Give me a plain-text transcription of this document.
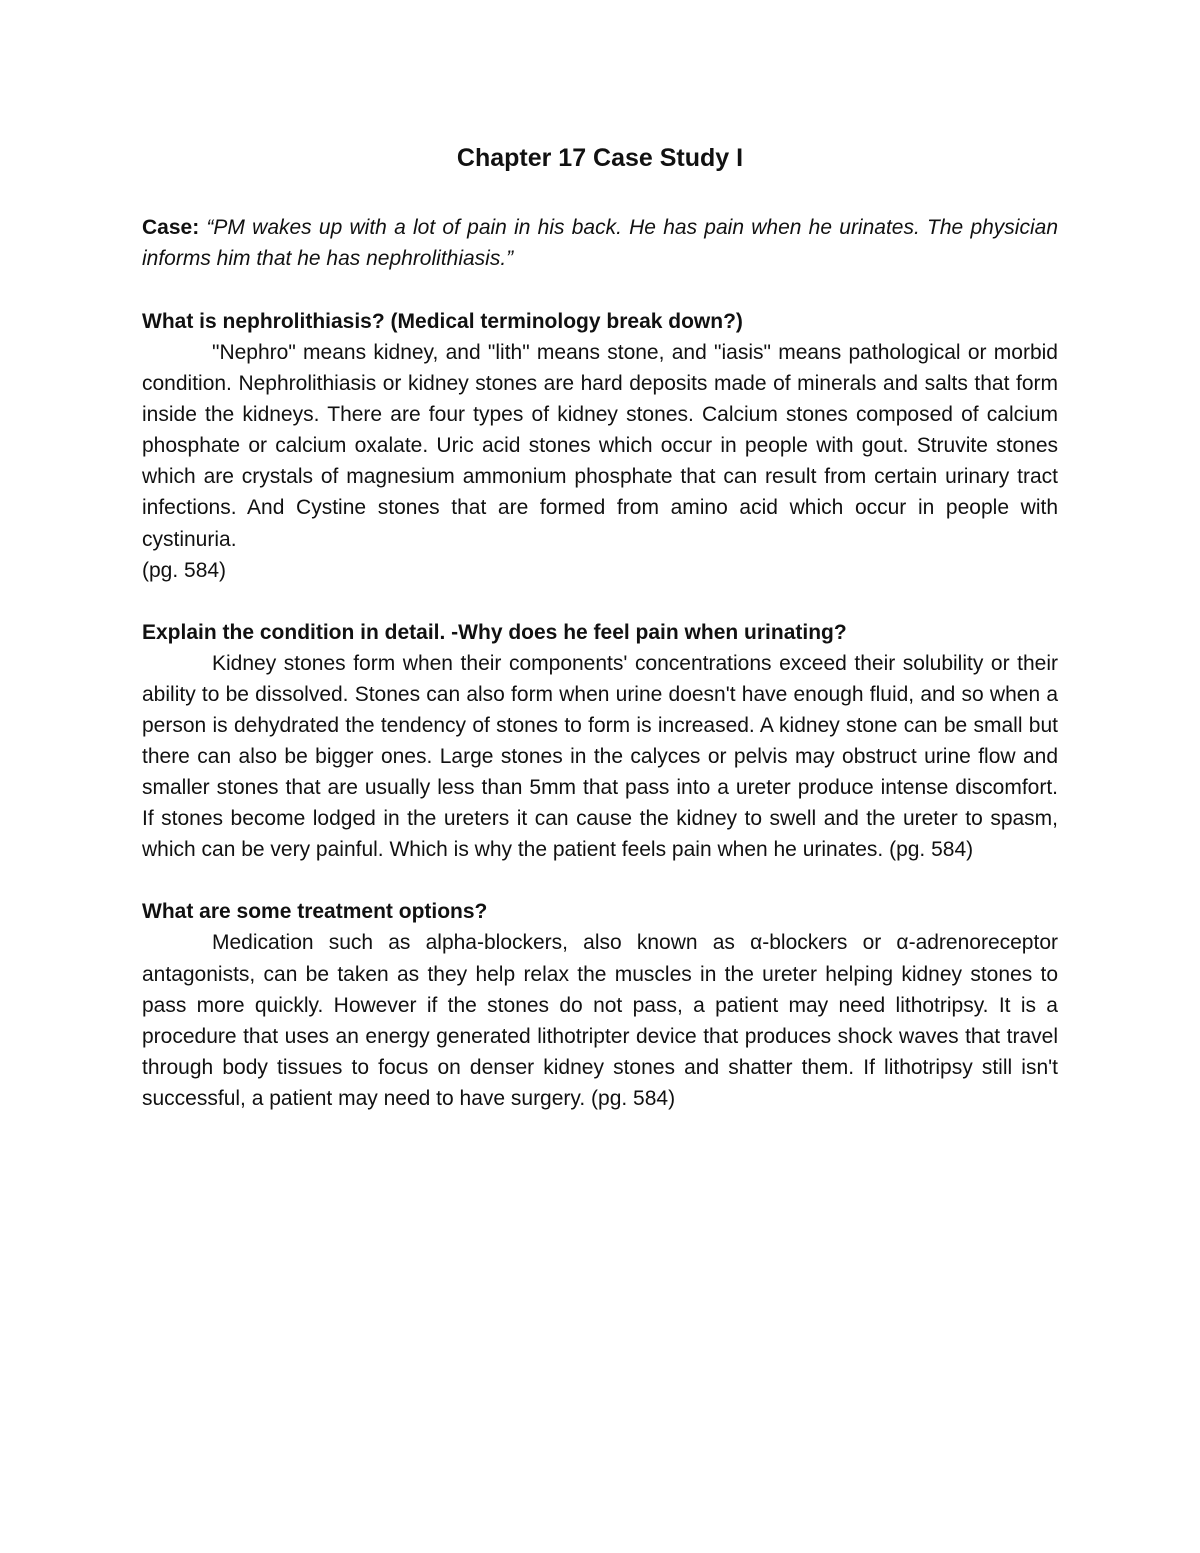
Chapter 17 Case Study I

Case: “PM wakes up with a lot of pain in his back. He has pain when he urinates. The physician informs him that he has nephrolithiasis.”

What is nephrolithiasis? (Medical terminology break down?)

"Nephro" means kidney, and "lith" means stone, and "iasis" means pathological or morbid condition. Nephrolithiasis or kidney stones are hard deposits made of minerals and salts that form inside the kidneys. There are four types of kidney stones. Calcium stones composed of calcium phosphate or calcium oxalate. Uric acid stones which occur in people with gout. Struvite stones which are crystals of magnesium ammonium phosphate that can result from certain urinary tract infections. And Cystine stones that are formed from amino acid which occur in people with cystinuria.
(pg. 584)

Explain the condition in detail. -Why does he feel pain when urinating?

Kidney stones form when their components' concentrations exceed their solubility or their ability to be dissolved. Stones can also form when urine doesn't have enough fluid, and so when a person is dehydrated the tendency of stones to form is increased. A kidney stone can be small but there can also be bigger ones. Large stones in the calyces or pelvis may obstruct urine flow and smaller stones that are usually less than 5mm that pass into a ureter produce intense discomfort. If stones become lodged in the ureters it can cause the kidney to swell and the ureter to spasm, which can be very painful. Which is why the patient feels pain when he urinates. (pg. 584)

What are some treatment options?

Medication such as alpha-blockers, also known as α-blockers or α-adrenoreceptor antagonists, can be taken as they help relax the muscles in the ureter helping kidney stones to pass more quickly. However if the stones do not pass, a patient may need lithotripsy. It is a procedure that uses an energy generated lithotripter device that produces shock waves that travel through body tissues to focus on denser kidney stones and shatter them. If lithotripsy still isn't successful, a patient may need to have surgery. (pg. 584)
